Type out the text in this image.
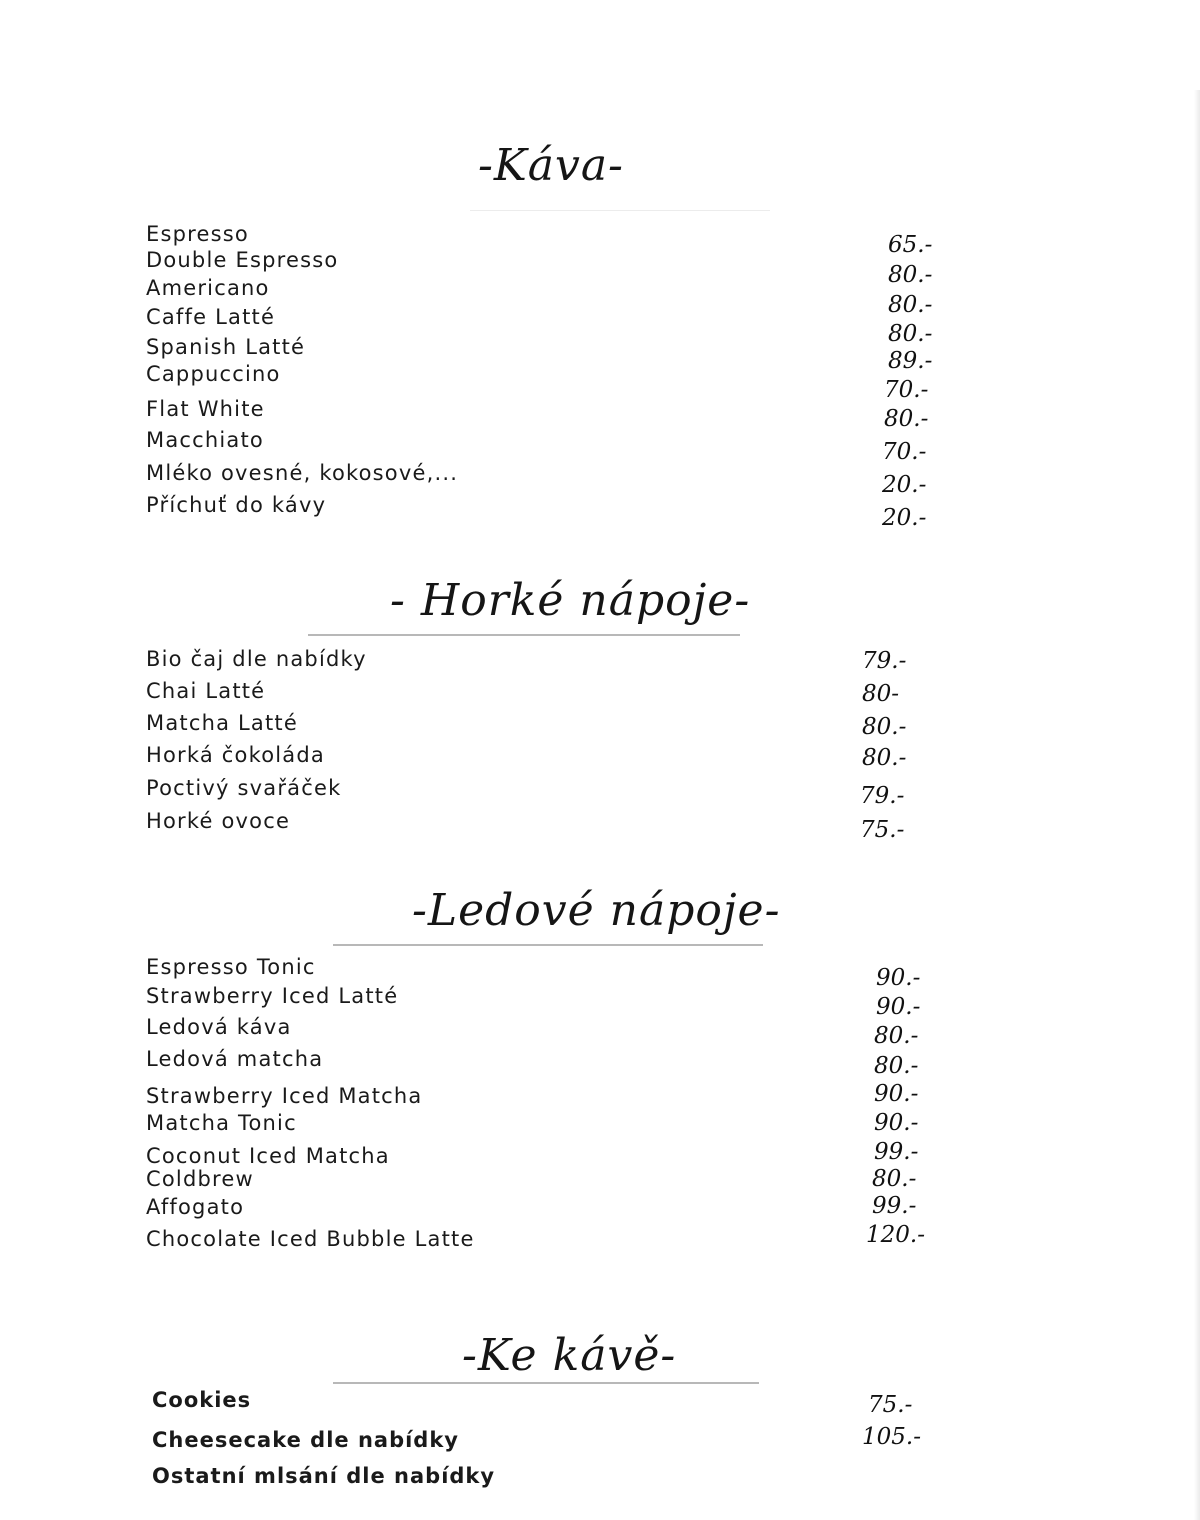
-Káva-
Espresso
Double Espresso
Americano
Caffe Latté
Spanish Latté
Cappuccino
Flat White
Macchiato
Mléko ovesné, kokosové,...
Příchuť do kávy
65.-
80.-
80.-
80.-
89.-
70.-
80.-
70.-
20.-
20.-
- Horké nápoje-
Bio čaj dle nabídky
Chai Latté
Matcha Latté
Horká čokoláda
Poctivý svařáček
Horké ovoce
79.-
80-
80.-
80.-
79.-
75.-
-Ledové nápoje-
Espresso Tonic
Strawberry Iced Latté
Ledová káva
Ledová matcha
Strawberry Iced Matcha
Matcha Tonic
Coconut Iced Matcha
Coldbrew
Affogato
Chocolate Iced Bubble Latte
90.-
90.-
80.-
80.-
90.-
90.-
99.-
80.-
99.-
120.-
-Ke kávě-
Cookies
Cheesecake dle nabídky
Ostatní mlsání dle nabídky
75.-
105.-
